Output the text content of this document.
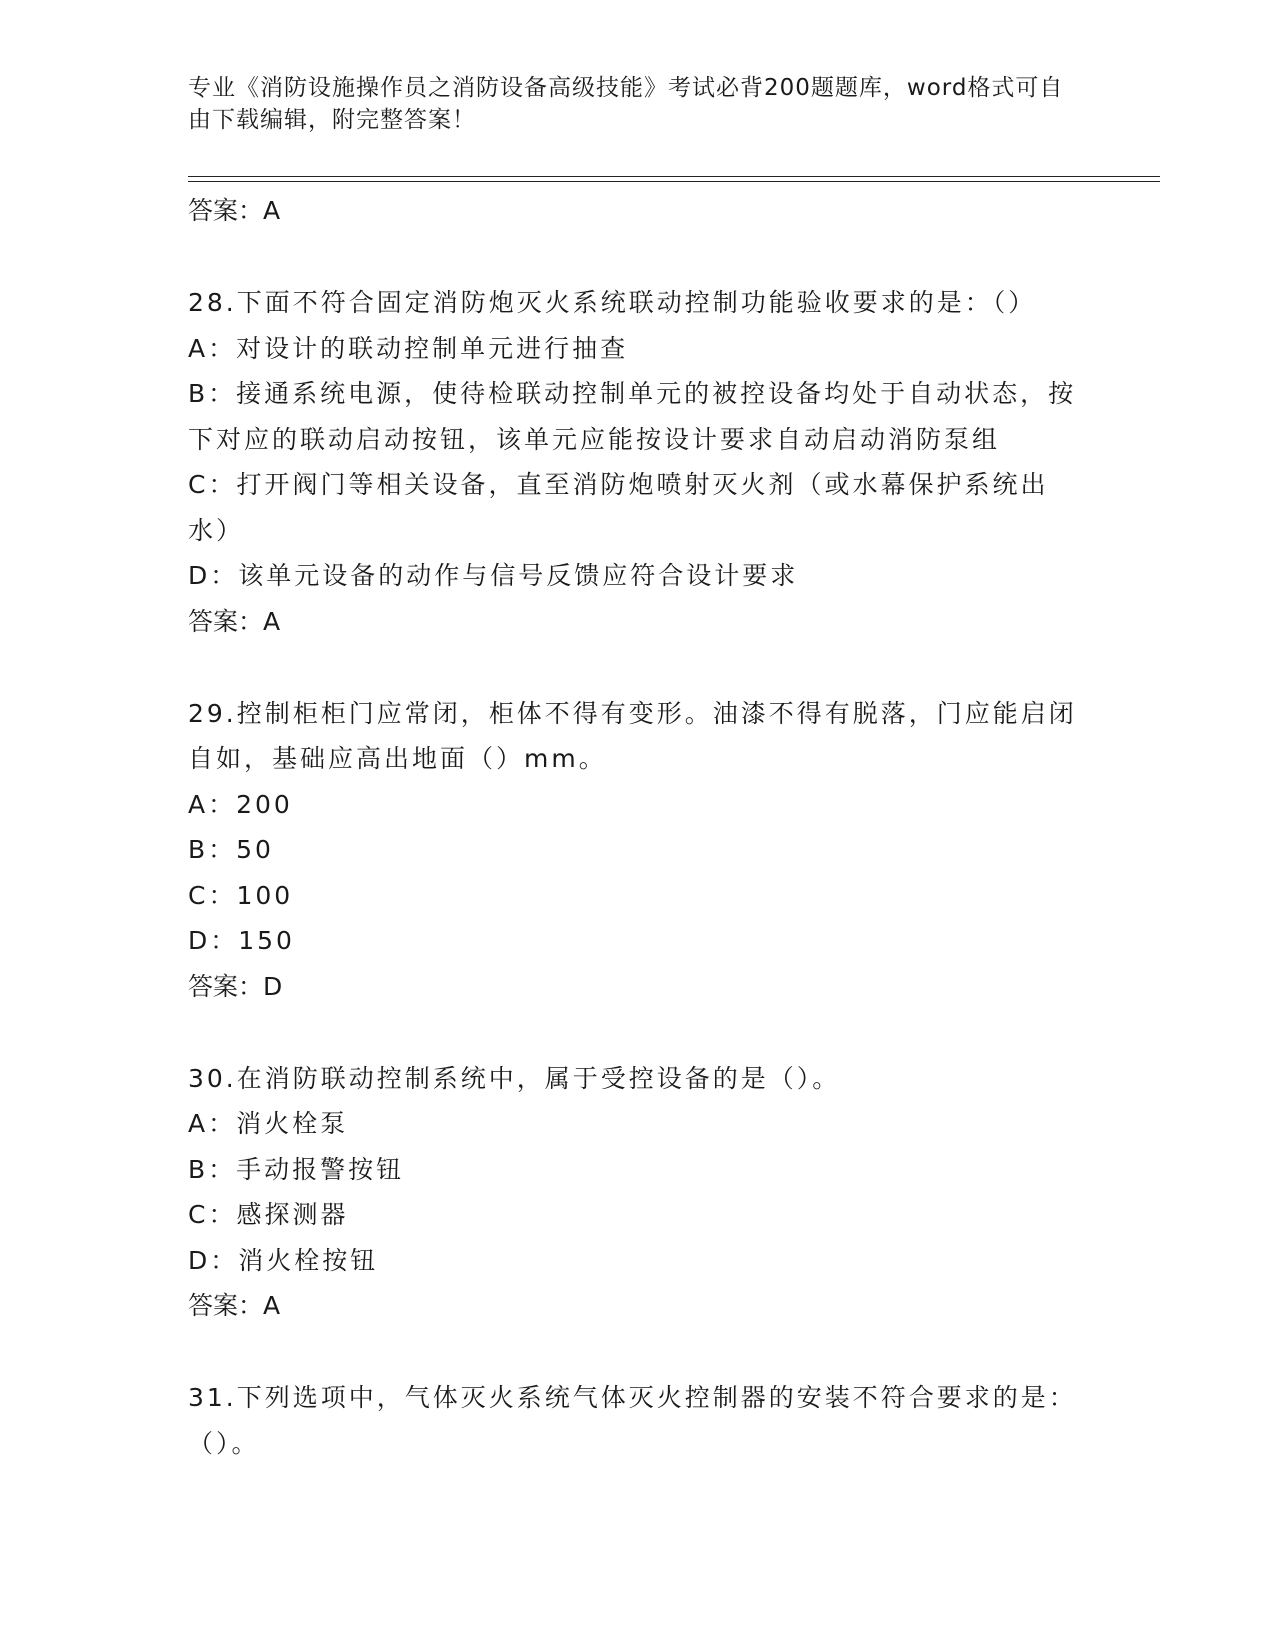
专业《消防设施操作员之消防设备高级技能》考试必背200题题库，word格式可自由下载编辑，附完整答案！

答案：A

28.下面不符合固定消防炮灭火系统联动控制功能验收要求的是：（）

A：对设计的联动控制单元进行抽查

B：接通系统电源，使待检联动控制单元的被控设备均处于自动状态，按下对应的联动启动按钮，该单元应能按设计要求自动启动消防泵组

C：打开阀门等相关设备，直至消防炮喷射灭火剂（或水幕保护系统出水）

D：该单元设备的动作与信号反馈应符合设计要求

答案：A

29.控制柜柜门应常闭，柜体不得有变形。油漆不得有脱落，门应能启闭自如，基础应高出地面（）mm。

A：200

B：50

C：100

D：150

答案：D

30.在消防联动控制系统中，属于受控设备的是（）。

A：消火栓泵

B：手动报警按钮

C：感探测器

D：消火栓按钮

答案：A

31.下列选项中，气体灭火系统气体灭火控制器的安装不符合要求的是：（）。
